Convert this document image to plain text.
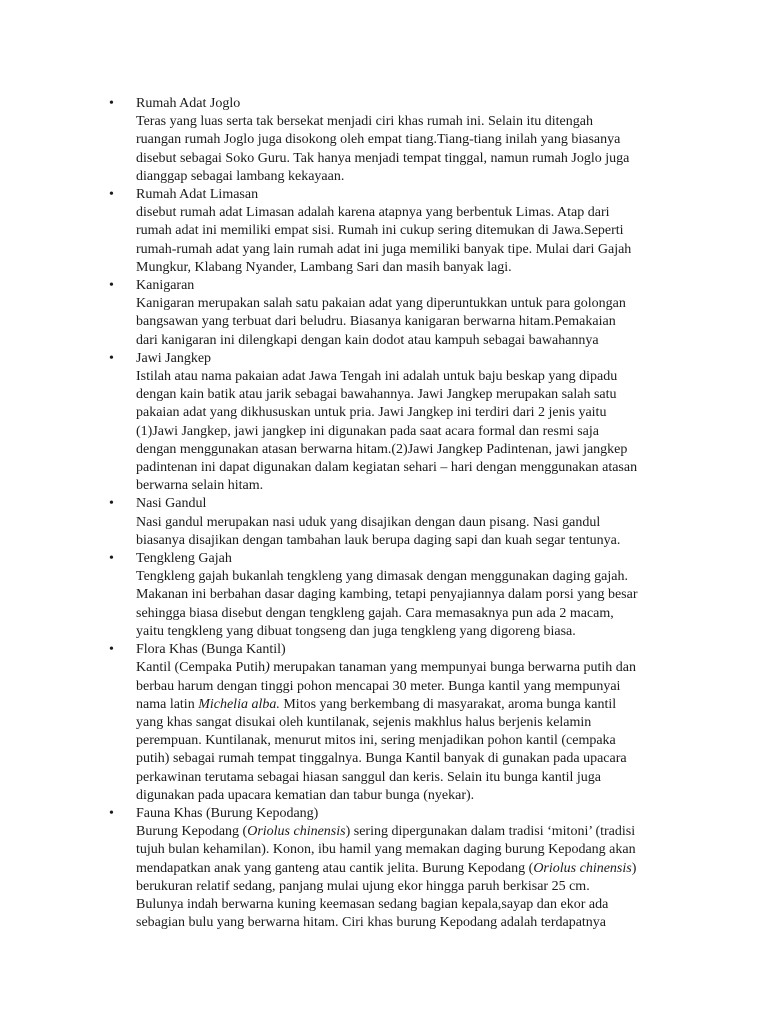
• Rumah Adat Joglo
Teras yang luas serta tak bersekat menjadi ciri khas rumah ini. Selain itu ditengah
ruangan rumah Joglo juga disokong oleh empat tiang.Tiang-tiang inilah yang biasanya
disebut sebagai Soko Guru. Tak hanya menjadi tempat tinggal, namun rumah Joglo juga
dianggap sebagai lambang kekayaan.
• Rumah Adat Limasan
disebut rumah adat Limasan adalah karena atapnya yang berbentuk Limas. Atap dari
rumah adat ini memiliki empat sisi. Rumah ini cukup sering ditemukan di Jawa.Seperti
rumah-rumah adat yang lain rumah adat ini juga memiliki banyak tipe. Mulai dari Gajah
Mungkur, Klabang Nyander, Lambang Sari dan masih banyak lagi.
• Kanigaran
Kanigaran merupakan salah satu pakaian adat yang diperuntukkan untuk para golongan
bangsawan yang terbuat dari beludru. Biasanya kanigaran berwarna hitam.Pemakaian
dari kanigaran ini dilengkapi dengan kain dodot atau kampuh sebagai bawahannya
• Jawi Jangkep
Istilah atau nama pakaian adat Jawa Tengah ini adalah untuk baju beskap yang dipadu
dengan kain batik atau jarik sebagai bawahannya. Jawi Jangkep merupakan salah satu
pakaian adat yang dikhususkan untuk pria. Jawi Jangkep ini terdiri dari 2 jenis yaitu
(1)Jawi Jangkep, jawi jangkep ini digunakan pada saat acara formal dan resmi saja
dengan menggunakan atasan berwarna hitam.(2)Jawi Jangkep Padintenan, jawi jangkep
padintenan ini dapat digunakan dalam kegiatan sehari – hari dengan menggunakan atasan
berwarna selain hitam.
• Nasi Gandul
Nasi gandul merupakan nasi uduk yang disajikan dengan daun pisang. Nasi gandul
biasanya disajikan dengan tambahan lauk berupa daging sapi dan kuah segar tentunya.
• Tengkleng Gajah
Tengkleng gajah bukanlah tengkleng yang dimasak dengan menggunakan daging gajah.
Makanan ini berbahan dasar daging kambing, tetapi penyajiannya dalam porsi yang besar
sehingga biasa disebut dengan tengkleng gajah. Cara memasaknya pun ada 2 macam,
yaitu tengkleng yang dibuat tongseng dan juga tengkleng yang digoreng biasa.
• Flora Khas (Bunga Kantil)
Kantil (Cempaka Putih) merupakan tanaman yang mempunyai bunga berwarna putih dan
berbau harum dengan tinggi pohon mencapai 30 meter. Bunga kantil yang mempunyai
nama latin Michelia alba. Mitos yang berkembang di masyarakat, aroma bunga kantil
yang khas sangat disukai oleh kuntilanak, sejenis makhlus halus berjenis kelamin
perempuan. Kuntilanak, menurut mitos ini, sering menjadikan pohon kantil (cempaka
putih) sebagai rumah tempat tinggalnya. Bunga Kantil banyak di gunakan pada upacara
perkawinan terutama sebagai hiasan sanggul dan keris. Selain itu bunga kantil juga
digunakan pada upacara kematian dan tabur bunga (nyekar).
• Fauna Khas (Burung Kepodang)
Burung Kepodang (Oriolus chinensis) sering dipergunakan dalam tradisi ‘mitoni’ (tradisi
tujuh bulan kehamilan). Konon, ibu hamil yang memakan daging burung Kepodang akan
mendapatkan anak yang ganteng atau cantik jelita. Burung Kepodang (Oriolus chinensis)
berukuran relatif sedang, panjang mulai ujung ekor hingga paruh berkisar 25 cm.
Bulunya indah berwarna kuning keemasan sedang bagian kepala,sayap dan ekor ada
sebagian bulu yang berwarna hitam. Ciri khas burung Kepodang adalah terdapatnya
